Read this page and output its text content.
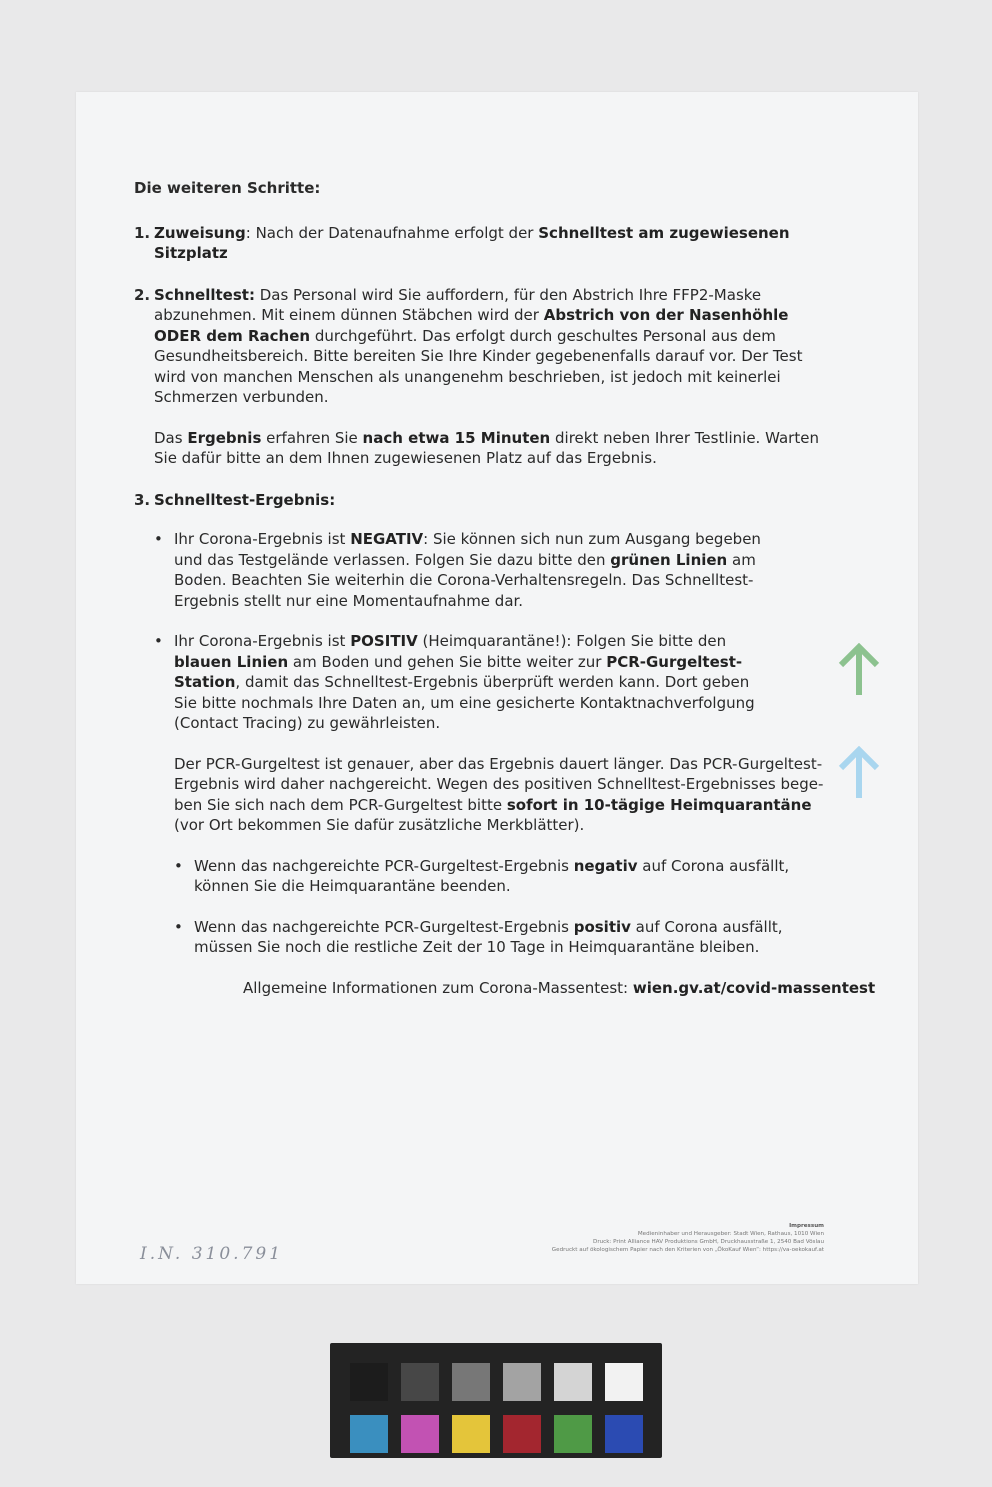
Die weiteren Schritte:
1. Zuweisung: Nach der Datenaufnahme erfolgt der Schnelltest am zugewiesenen Sitzplatz
2. Schnelltest: Das Personal wird Sie auffordern, für den Abstrich Ihre FFP2-Maske abzunehmen. Mit einem dünnen Stäbchen wird der Abstrich von der Nasenhöhle ODER dem Rachen durchgeführt. Das erfolgt durch geschultes Personal aus dem Gesundheitsbereich. Bitte bereiten Sie Ihre Kinder gegebenenfalls darauf vor. Der Test wird von manchen Menschen als unangenehm beschrieben, ist jedoch mit keinerlei Schmerzen verbunden.
Das Ergebnis erfahren Sie nach etwa 15 Minuten direkt neben Ihrer Testlinie. Warten Sie dafür bitte an dem Ihnen zugewiesenen Platz auf das Ergebnis.
3. Schnelltest-Ergebnis:
• Ihr Corona-Ergebnis ist NEGATIV: Sie können sich nun zum Ausgang begeben und das Testgelände verlassen. Folgen Sie dazu bitte den grünen Linien am Boden. Beachten Sie weiterhin die Corona-Verhaltensregeln. Das Schnelltest-Ergebnis stellt nur eine Momentaufnahme dar.
• Ihr Corona-Ergebnis ist POSITIV (Heimquarantäne!): Folgen Sie bitte den blauen Linien am Boden und gehen Sie bitte weiter zur PCR-Gurgeltest-Station, damit das Schnelltest-Ergebnis überprüft werden kann. Dort geben Sie bitte nochmals Ihre Daten an, um eine gesicherte Kontaktnachverfolgung (Contact Tracing) zu gewährleisten.
Der PCR-Gurgeltest ist genauer, aber das Ergebnis dauert länger. Das PCR-Gurgeltest-Ergebnis wird daher nachgereicht. Wegen des positiven Schnelltest-Ergebnisses bege-ben Sie sich nach dem PCR-Gurgeltest bitte sofort in 10-tägige Heimquarantäne (vor Ort bekommen Sie dafür zusätzliche Merkblätter).
• Wenn das nachgereichte PCR-Gurgeltest-Ergebnis negativ auf Corona ausfällt, können Sie die Heimquarantäne beenden.
• Wenn das nachgereichte PCR-Gurgeltest-Ergebnis positiv auf Corona ausfällt, müssen Sie noch die restliche Zeit der 10 Tage in Heimquarantäne bleiben.
Allgemeine Informationen zum Corona-Massentest: wien.gv.at/covid-massentest
I.N. 310.791
Impressum
Medieninhaber und Herausgeber: Stadt Wien, Rathaus, 1010 Wien
Druck: Print Alliance HAV Produktions GmbH, Druckhausstraße 1, 2540 Bad Vöslau
Gedruckt auf ökologischem Papier nach den Kriterien von „ÖkoKauf Wien“: https://va-oekokauf.at
